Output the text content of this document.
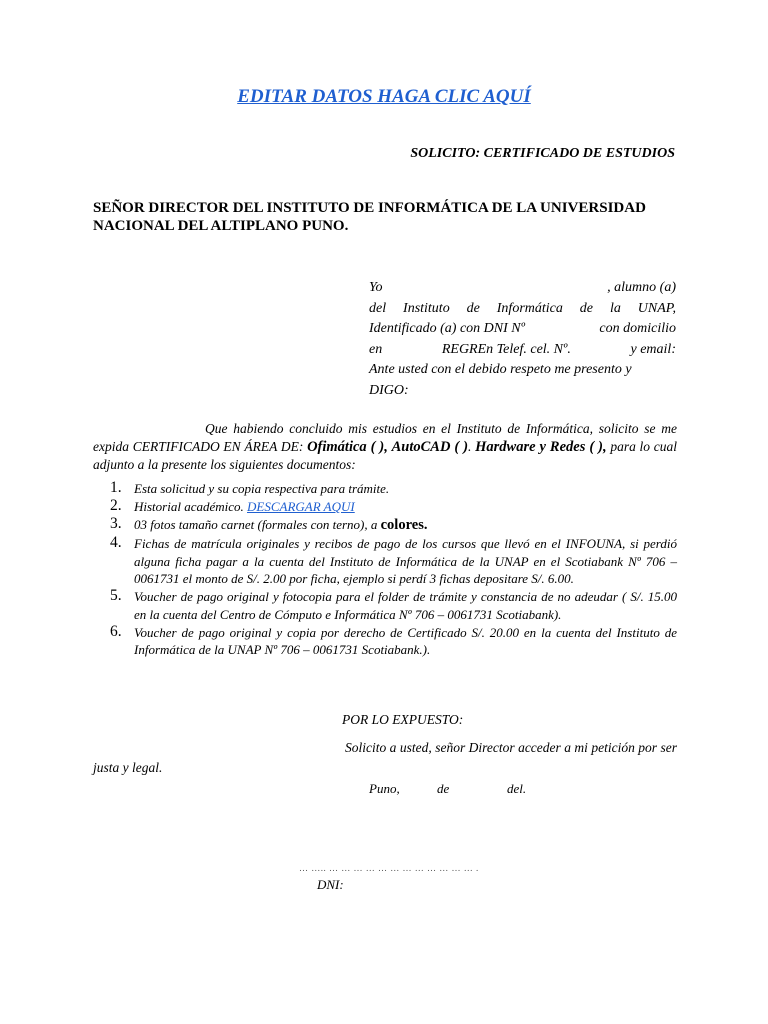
EDITAR DATOS HAGA CLIC AQUÍ
SOLICITO: CERTIFICADO DE ESTUDIOS
SEÑOR DIRECTOR DEL INSTITUTO DE INFORMÁTICA DE LA UNIVERSIDAD
NACIONAL DEL ALTIPLANO PUNO.
Yo	, alumno (a)
del Instituto de Informática de la UNAP,
Identificado (a) con DNI Nº	con domicilio
en	REGREn Telef. cel. Nº.	y email:
Ante usted con el debido respeto me presento y
DIGO:
Que habiendo concluido mis estudios en el Instituto de Informática, solicito se me expida CERTIFICADO EN ÁREA DE: Ofimática ( ), AutoCAD ( ). Hardware y Redes ( ), para lo cual adjunto a la presente los siguientes documentos:
1. Esta solicitud y su copia respectiva para trámite.
2. Historial académico. DESCARGAR AQUI
3. 03 fotos tamaño carnet (formales con terno), a colores.
4. Fichas de matrícula originales y recibos de pago de los cursos que llevó en el INFOUNA, si perdió alguna ficha pagar a la cuenta del Instituto de Informática de la UNAP en el Scotiabank Nº 706 – 0061731 el monto de S/. 2.00 por ficha, ejemplo si perdí 3 fichas depositare S/. 6.00.
5. Voucher de pago original y fotocopia para el folder de trámite y constancia de no adeudar ( S/. 15.00 en la cuenta del Centro de Cómputo e Informática Nº 706 – 0061731 Scotiabank).
6. Voucher de pago original y copia por derecho de Certificado S/. 20.00 en la cuenta del Instituto de Informática de la UNAP Nº 706 – 0061731 Scotiabank.).
POR LO EXPUESTO:
Solicito a usted, señor Director acceder a mi petición por ser justa y legal.
Puno,	de	del.
… ….. … … … … … … … … … … … … .
DNI:
